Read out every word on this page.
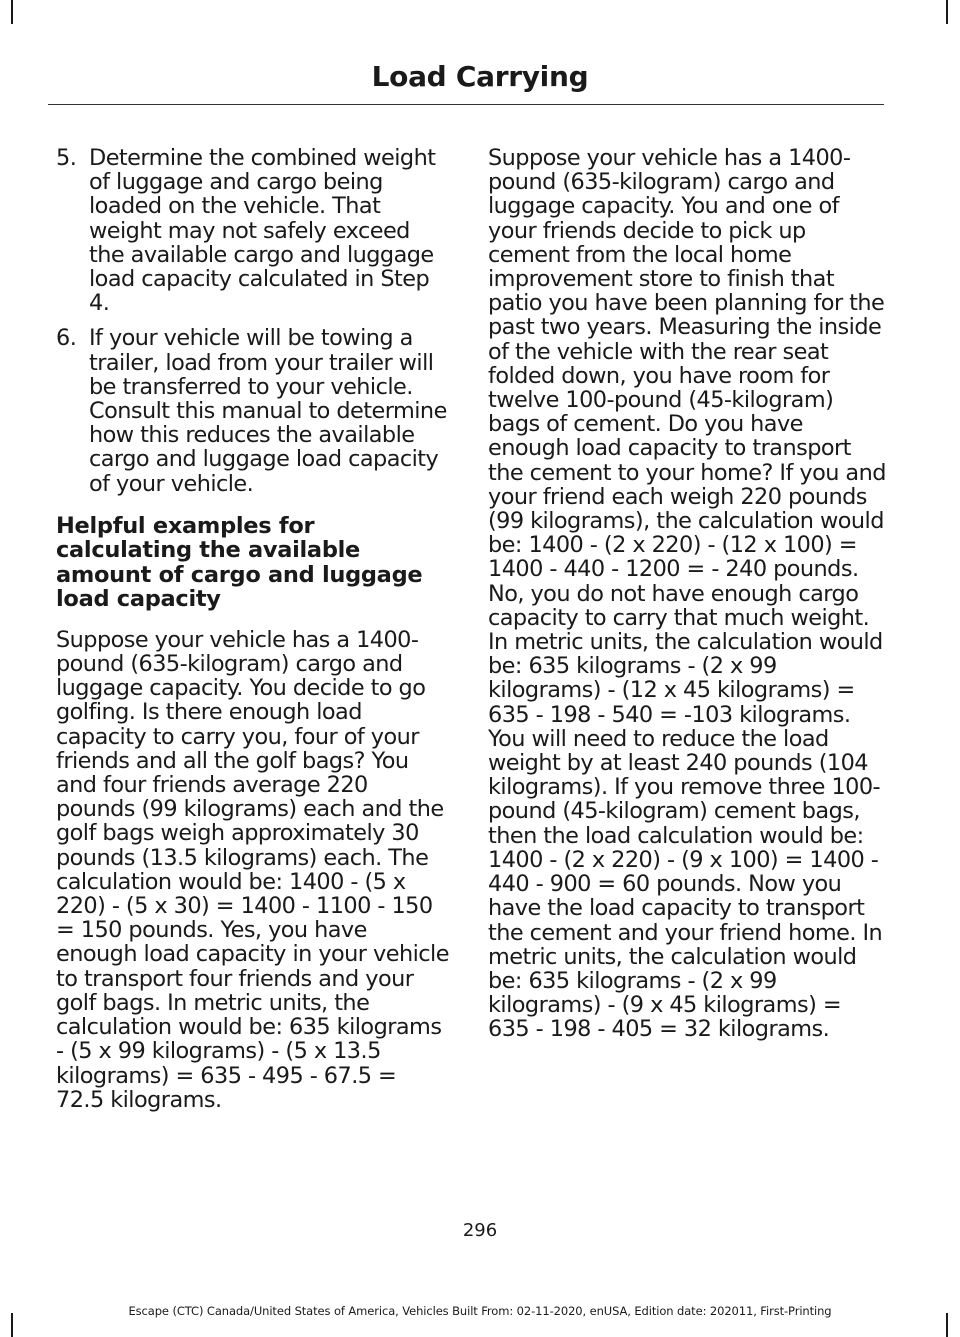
Load Carrying
5. Determine the combined weight of luggage and cargo being loaded on the vehicle. That weight may not safely exceed the available cargo and luggage load capacity calculated in Step 4.
6. If your vehicle will be towing a trailer, load from your trailer will be transferred to your vehicle. Consult this manual to determine how this reduces the available cargo and luggage load capacity of your vehicle.
Helpful examples for calculating the available amount of cargo and luggage load capacity

Suppose your vehicle has a 1400-pound (635-kilogram) cargo and luggage capacity. You decide to go golfing. Is there enough load capacity to carry you, four of your friends and all the golf bags? You and four friends average 220 pounds (99 kilograms) each and the golf bags weigh approximately 30 pounds (13.5 kilograms) each. The calculation would be: 1400 - (5 x 220) - (5 x 30) = 1400 - 1100 - 150 = 150 pounds. Yes, you have enough load capacity in your vehicle to transport four friends and your golf bags. In metric units, the calculation would be: 635 kilograms - (5 x 99 kilograms) - (5 x 13.5 kilograms) = 635 - 495 - 67.5 = 72.5 kilograms.

Suppose your vehicle has a 1400-pound (635-kilogram) cargo and luggage capacity. You and one of your friends decide to pick up cement from the local home improvement store to finish that patio you have been planning for the past two years. Measuring the inside of the vehicle with the rear seat folded down, you have room for twelve 100-pound (45-kilogram) bags of cement. Do you have enough load capacity to transport the cement to your home? If you and your friend each weigh 220 pounds (99 kilograms), the calculation would be: 1400 - (2 x 220) - (12 x 100) = 1400 - 440 - 1200 = - 240 pounds. No, you do not have enough cargo capacity to carry that much weight. In metric units, the calculation would be: 635 kilograms - (2 x 99 kilograms) - (12 x 45 kilograms) = 635 - 198 - 540 = -103 kilograms. You will need to reduce the load weight by at least 240 pounds (104 kilograms). If you remove three 100-pound (45-kilogram) cement bags, then the load calculation would be: 1400 - (2 x 220) - (9 x 100) = 1400 - 440 - 900 = 60 pounds. Now you have the load capacity to transport the cement and your friend home. In metric units, the calculation would be: 635 kilograms - (2 x 99 kilograms) - (9 x 45 kilograms) = 635 - 198 - 405 = 32 kilograms.

296
Escape (CTC) Canada/United States of America, Vehicles Built From: 02-11-2020, enUSA, Edition date: 202011, First-Printing
